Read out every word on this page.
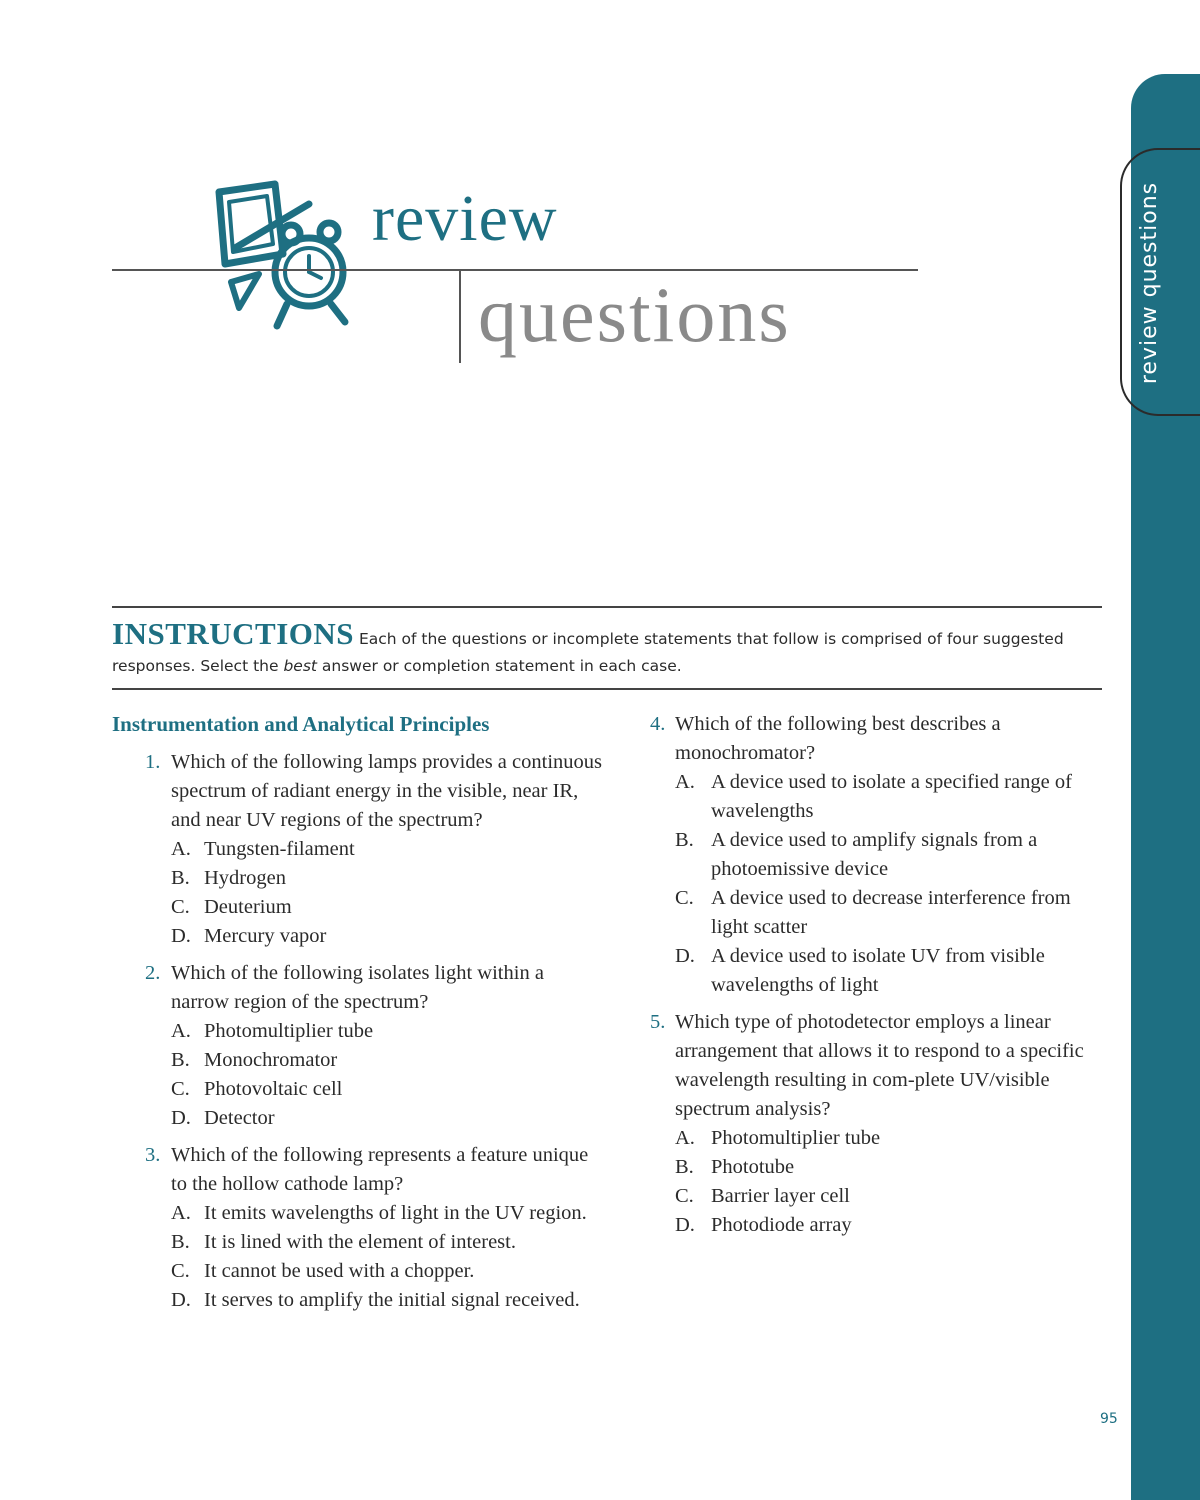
review questions
review
questions
INSTRUCTIONS Each of the questions or incomplete statements that follow is comprised of four suggested responses. Select the best answer or completion statement in each case.
Instrumentation and Analytical Principles
1. Which of the following lamps provides a continuous spectrum of radiant energy in the visible, near IR, and near UV regions of the spectrum?
A. Tungsten-filament
B. Hydrogen
C. Deuterium
D. Mercury vapor
2. Which of the following isolates light within a narrow region of the spectrum?
A. Photomultiplier tube
B. Monochromator
C. Photovoltaic cell
D. Detector
3. Which of the following represents a feature unique to the hollow cathode lamp?
A. It emits wavelengths of light in the UV region.
B. It is lined with the element of interest.
C. It cannot be used with a chopper.
D. It serves to amplify the initial signal received.
4. Which of the following best describes a monochromator?
A. A device used to isolate a specified range of wavelengths
B. A device used to amplify signals from a photoemissive device
C. A device used to decrease interference from light scatter
D. A device used to isolate UV from visible wavelengths of light
5. Which type of photodetector employs a linear arrangement that allows it to respond to a specific wavelength resulting in com-plete UV/visible spectrum analysis?
A. Photomultiplier tube
B. Phototube
C. Barrier layer cell
D. Photodiode array
95
